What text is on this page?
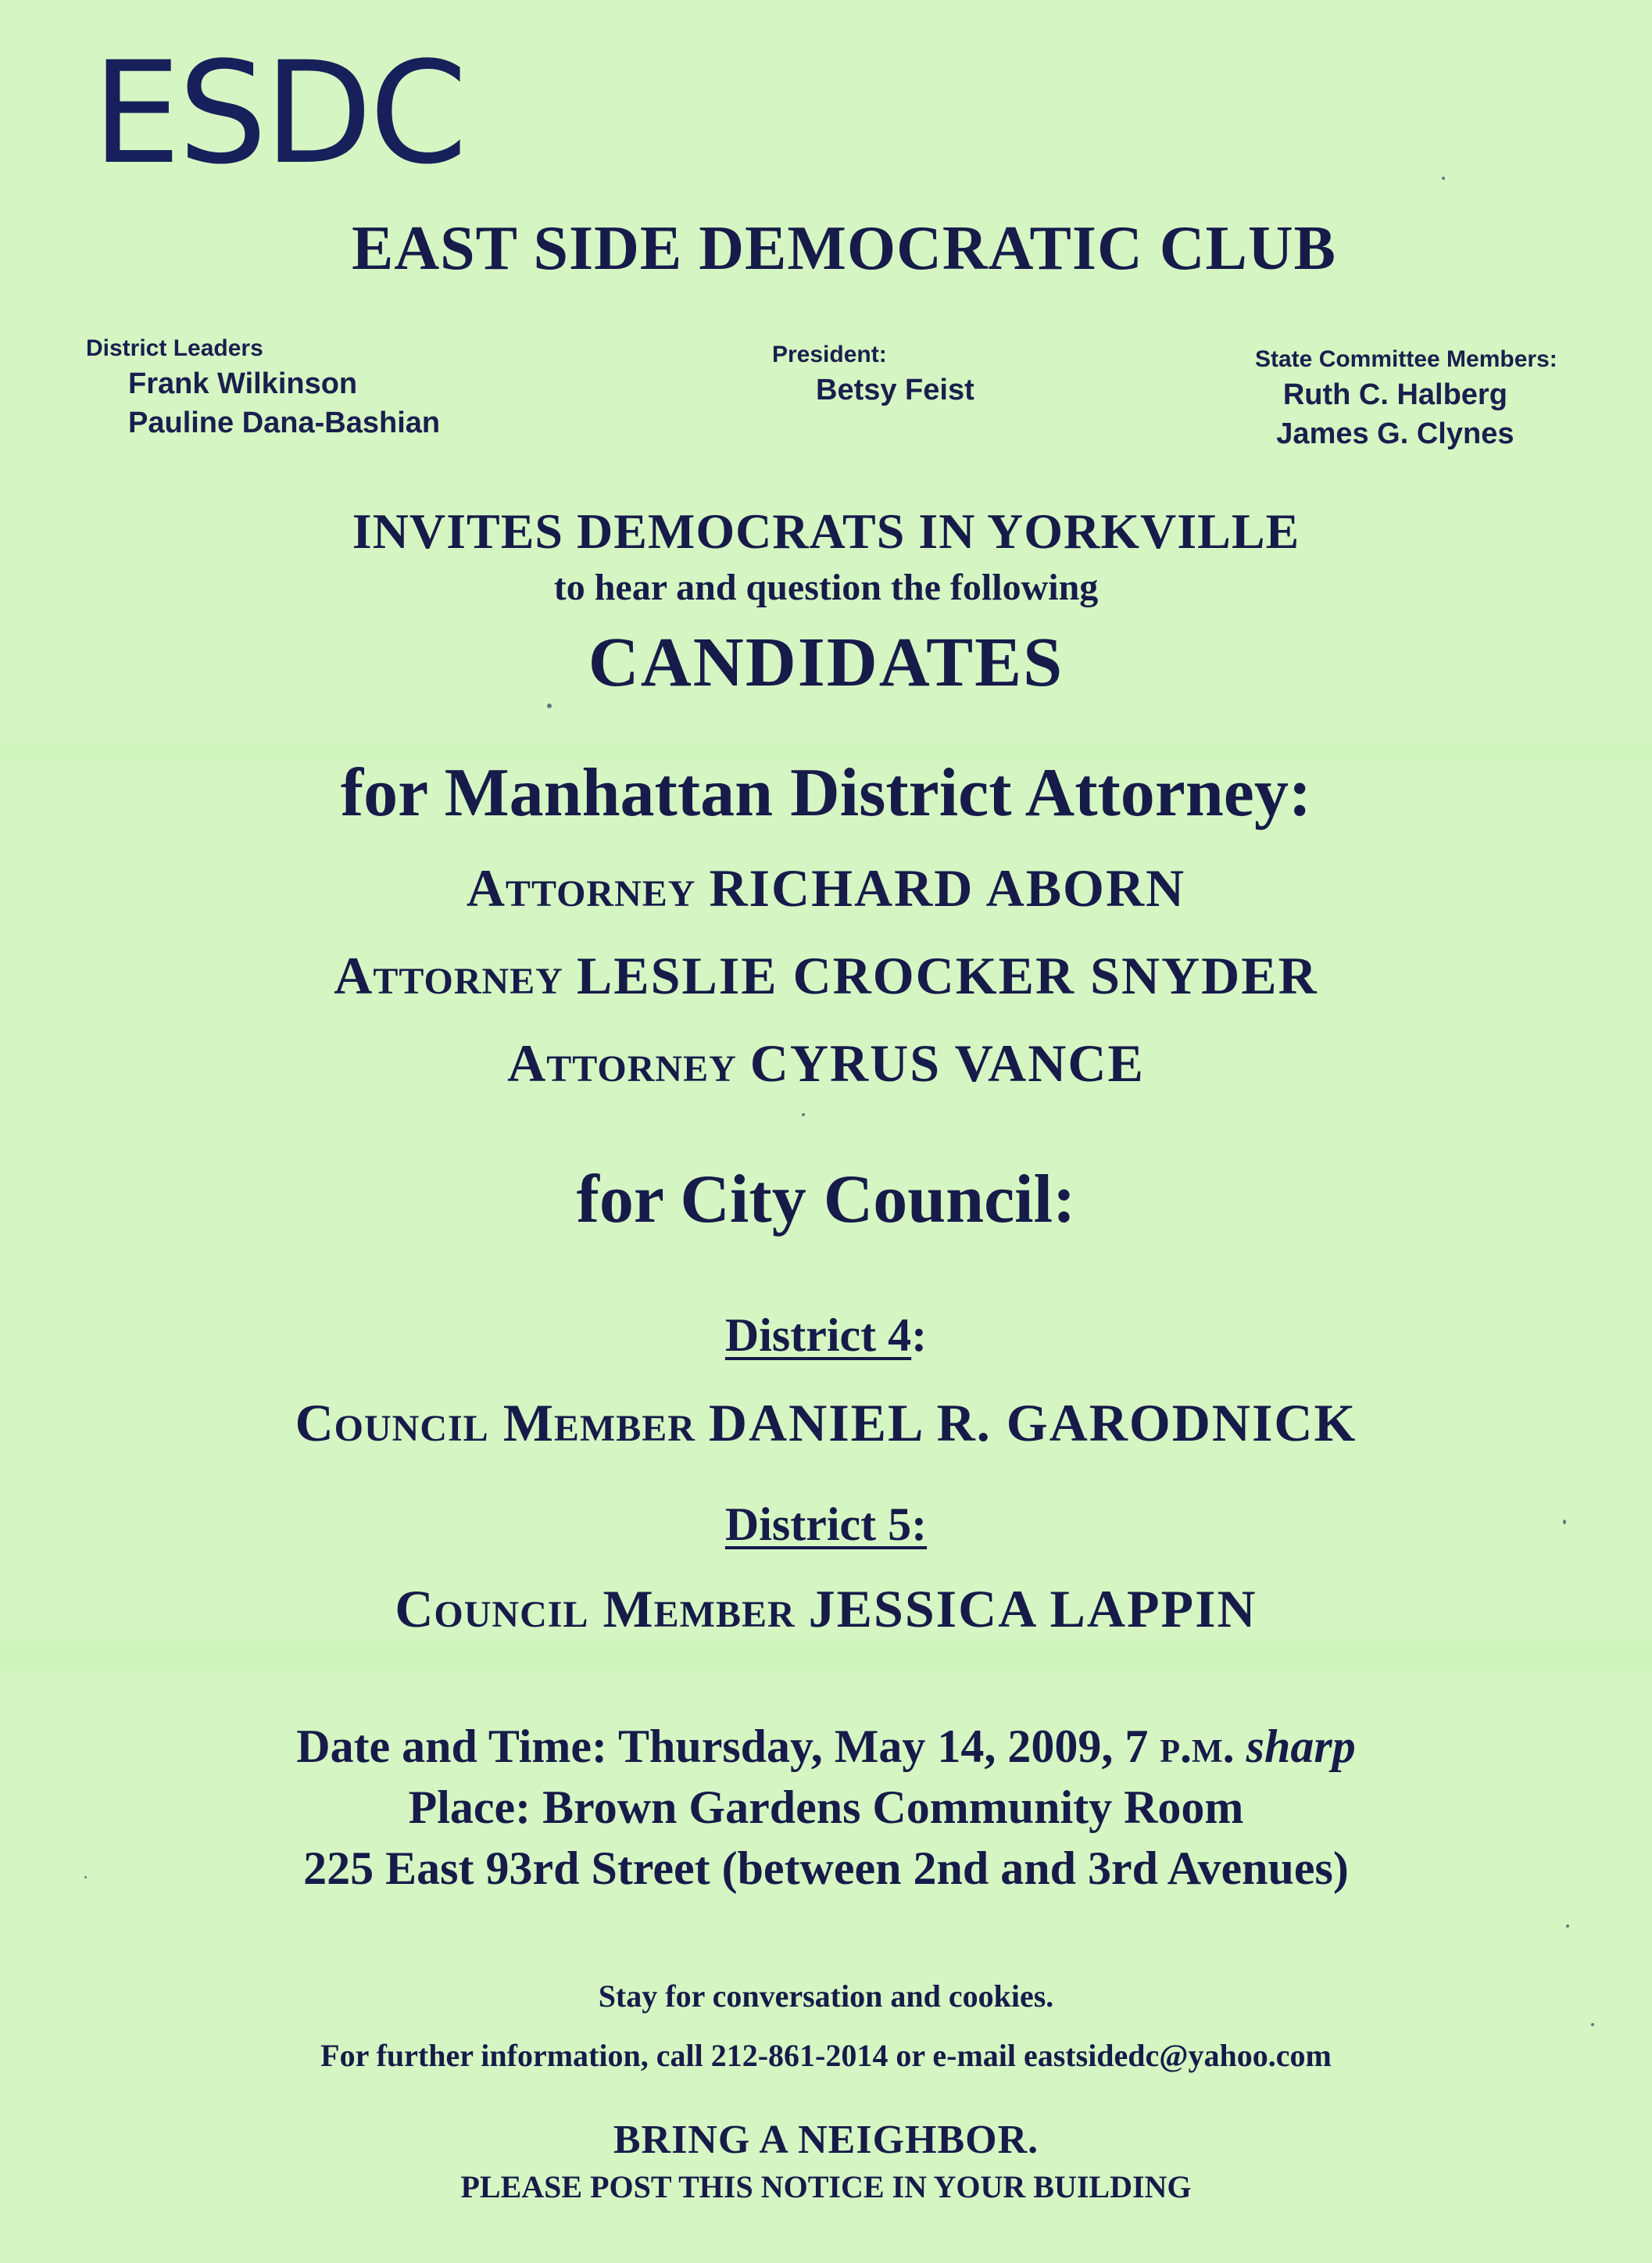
ESDC
EAST SIDE DEMOCRATIC CLUB
District Leaders
Frank Wilkinson
Pauline Dana-Bashian
President:
Betsy Feist
State Committee Members:
Ruth C. Halberg
James G. Clynes
INVITES DEMOCRATS IN YORKVILLE
to hear and question the following
CANDIDATES
for Manhattan District Attorney:
Attorney RICHARD ABORN
Attorney LESLIE CROCKER SNYDER
Attorney CYRUS VANCE
for City Council:
District 4:
Council Member DANIEL R. GARODNICK
District 5:
Council Member JESSICA LAPPIN
Date and Time: Thursday, May 14, 2009, 7 p.m. sharp
Place: Brown Gardens Community Room
225 East 93rd Street (between 2nd and 3rd Avenues)
Stay for conversation and cookies.
For further information, call 212-861-2014 or e-mail eastsidedc@yahoo.com
BRING A NEIGHBOR.
PLEASE POST THIS NOTICE IN YOUR BUILDING
